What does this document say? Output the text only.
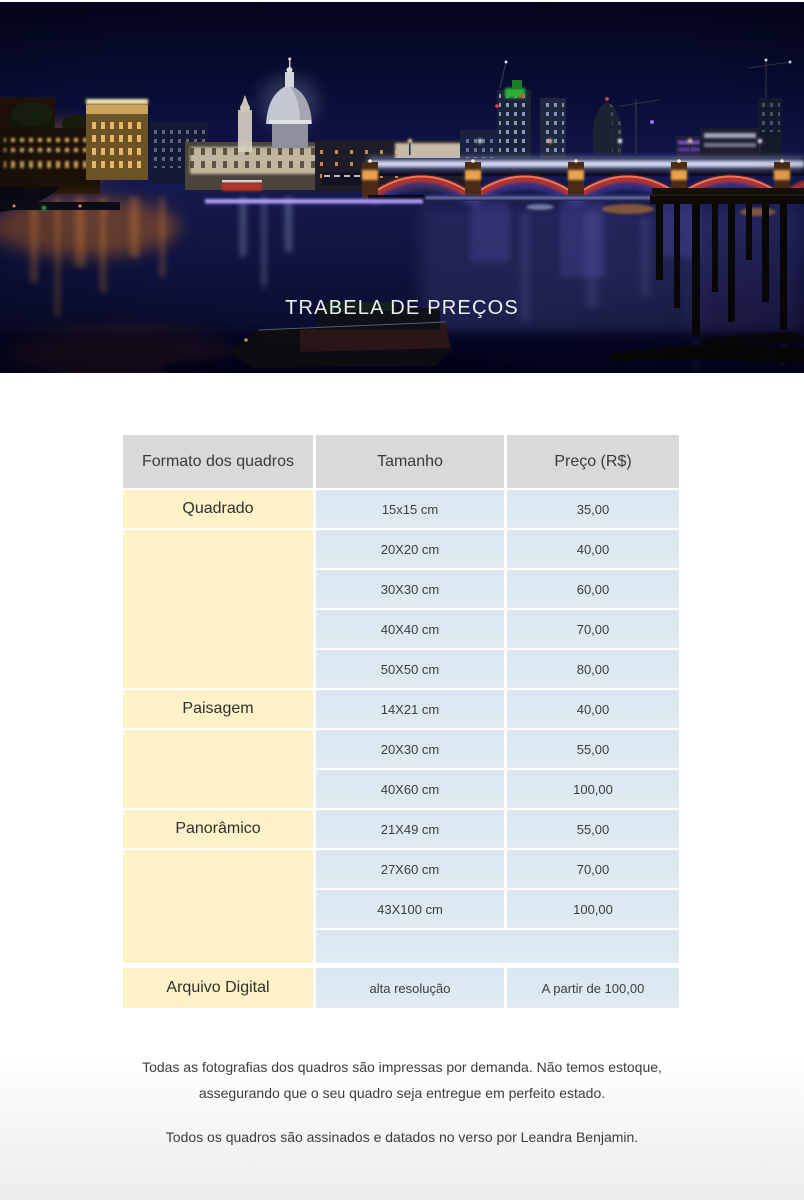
TRABELA DE PREÇOS
Formato dos quadros	Tamanho	Preço (R$)
Quadrado	15x15 cm	35,00
20X20 cm	40,00
30X30 cm	60,00
40X40 cm	70,00
50X50 cm	80,00
Paisagem	14X21 cm	40,00
20X30 cm	55,00
40X60 cm	100,00
Panorâmico	21X49 cm	55,00
27X60 cm	70,00
43X100 cm	100,00
Arquivo Digital	alta resolução	A partir de 100,00

Todas as fotografias dos quadros são impressas por demanda. Não temos estoque,
assegurando que o seu quadro seja entregue em perfeito estado.

Todos os quadros são assinados e datados no verso por Leandra Benjamin.
